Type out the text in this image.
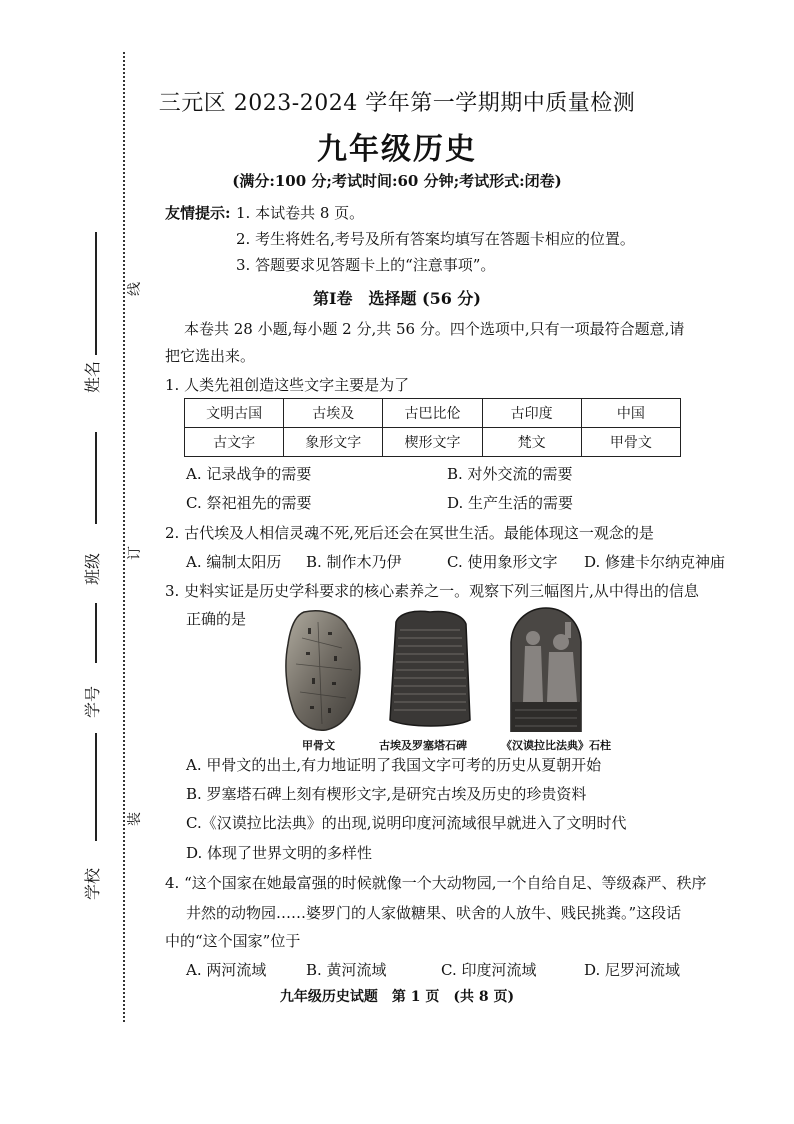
姓名
班级
学号
学校
线
订
装
三元区 2023-2024 学年第一学期期中质量检测
九年级历史
(满分:100 分;考试时间:60 分钟;考试形式:闭卷)
友情提示: 1. 本试卷共 8 页。
2. 考生将姓名,考号及所有答案均填写在答题卡相应的位置。
3. 答题要求见答题卡上的“注意事项”。
第Ⅰ卷　选择题 (56 分)
本卷共 28 小题,每小题 2 分,共 56 分。四个选项中,只有一项最符合题意,请
把它选出来。
1. 人类先祖创造这些文字主要是为了
文明古国	古埃及	古巴比伦	古印度	中国
古文字	象形文字	楔形文字	梵文	甲骨文
A. 记录战争的需要	B. 对外交流的需要
C. 祭祀祖先的需要	D. 生产生活的需要
2. 古代埃及人相信灵魂不死,死后还会在冥世生活。最能体现这一观念的是
A. 编制太阳历 B. 制作木乃伊	C. 使用象形文字 D. 修建卡尔纳克神庙
3. 史料实证是历史学科要求的核心素养之一。观察下列三幅图片,从中得出的信息
正确的是
甲骨文	古埃及罗塞塔石碑	《汉谟拉比法典》石柱
A. 甲骨文的出土,有力地证明了我国文字可考的历史从夏朝开始
B. 罗塞塔石碑上刻有楔形文字,是研究古埃及历史的珍贵资料
C.《汉谟拉比法典》的出现,说明印度河流域很早就进入了文明时代
D. 体现了世界文明的多样性
4. “这个国家在她最富强的时候就像一个大动物园,一个自给自足、等级森严、秩序
井然的动物园……婆罗门的人家做糖果、吠舍的人放牛、贱民挑粪。”这段话
中的“这个国家”位于
A. 两河流域	B. 黄河流域	C. 印度河流域	D. 尼罗河流域
九年级历史试题　第 1 页　(共 8 页)
